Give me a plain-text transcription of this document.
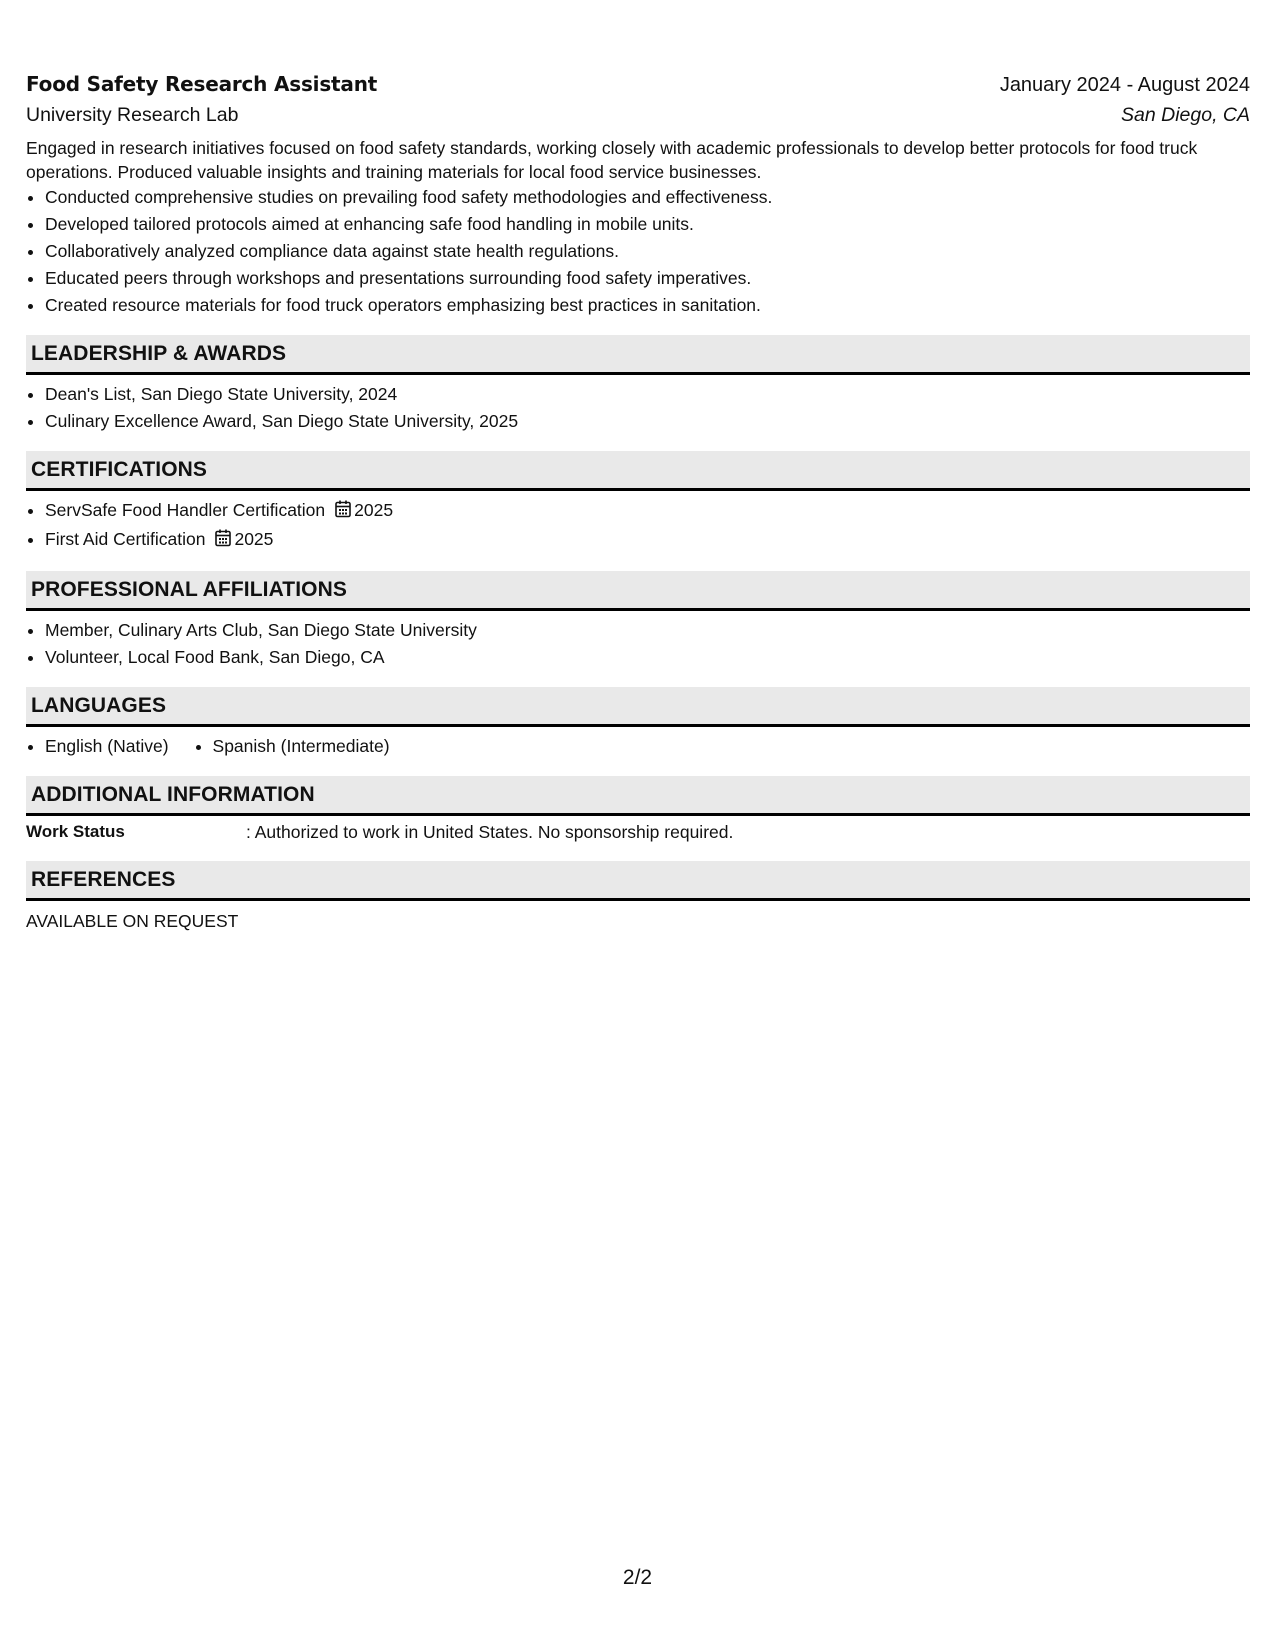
Food Safety Research Assistant	January 2024 - August 2024
University Research Lab	San Diego, CA
Engaged in research initiatives focused on food safety standards, working closely with academic professionals to develop better protocols for food truck operations. Produced valuable insights and training materials for local food service businesses.
• Conducted comprehensive studies on prevailing food safety methodologies and effectiveness.
• Developed tailored protocols aimed at enhancing safe food handling in mobile units.
• Collaboratively analyzed compliance data against state health regulations.
• Educated peers through workshops and presentations surrounding food safety imperatives.
• Created resource materials for food truck operators emphasizing best practices in sanitation.
LEADERSHIP & AWARDS
• Dean's List, San Diego State University, 2024
• Culinary Excellence Award, San Diego State University, 2025
CERTIFICATIONS
• ServSafe Food Handler Certification 2025
• First Aid Certification 2025
PROFESSIONAL AFFILIATIONS
• Member, Culinary Arts Club, San Diego State University
• Volunteer, Local Food Bank, San Diego, CA
LANGUAGES
• English (Native)
•	Spanish (Intermediate)
ADDITIONAL INFORMATION
Work Status	: Authorized to work in United States. No sponsorship required.
REFERENCES
AVAILABLE ON REQUEST
2/2
